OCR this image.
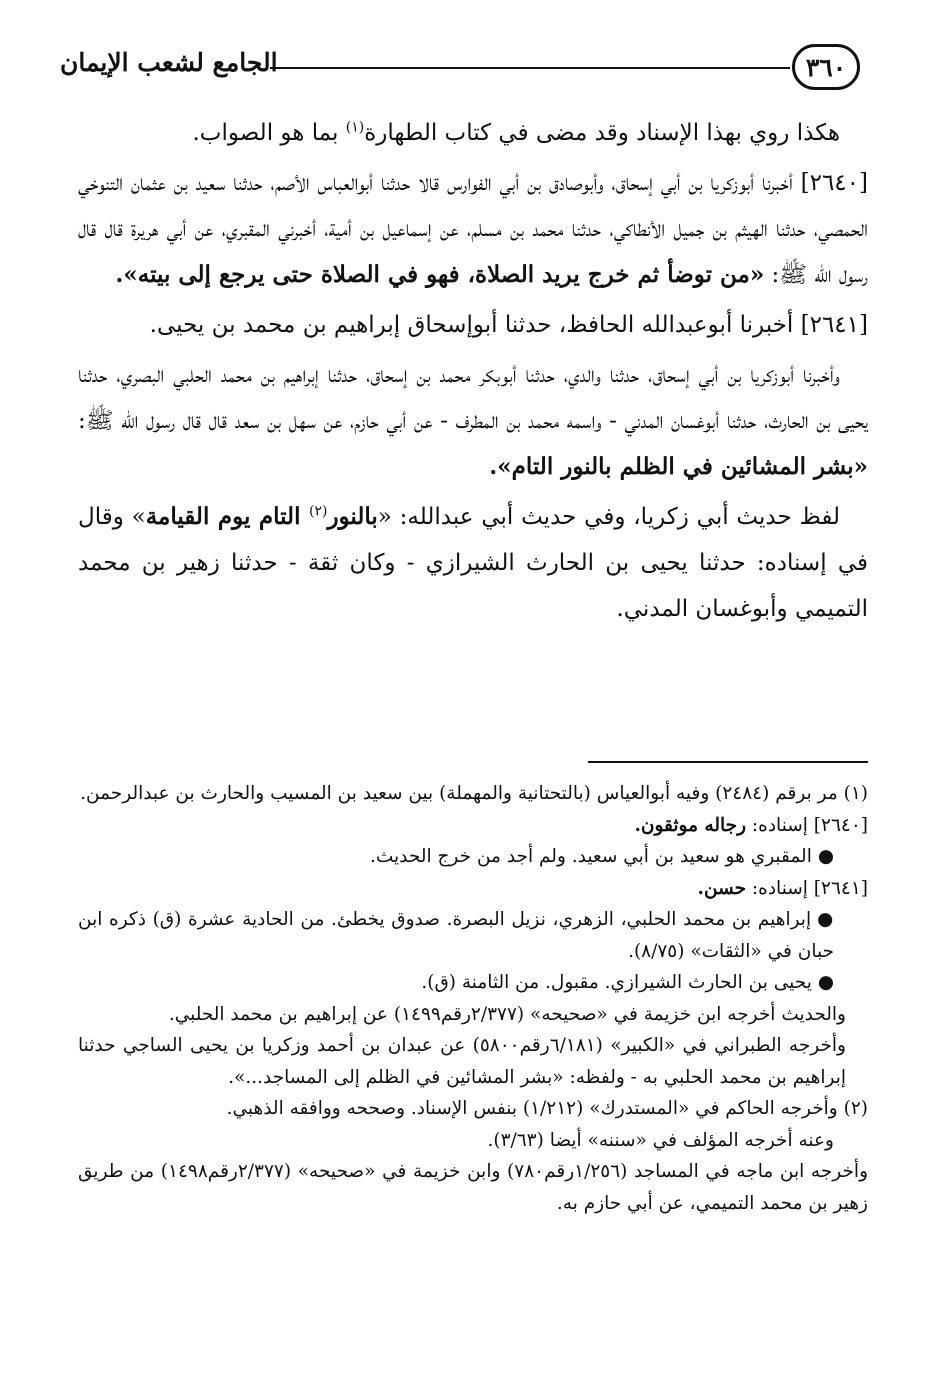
٣٦٠
الجامع لشعب الإيمان

هكذا روي بهذا الإسناد وقد مضى في كتاب الطهارة$^{(١)}$ بما هو الصواب.

[٢٦٤٠] أخبرنا أبوزكريا بن أبي إسحاق، وأبوصادق بن أبي الفوارس قالا حدثنا أبوالعباس الأصم، حدثنا سعيد بن عثمان التنوخي الحمصي، حدثنا الهيثم بن جميل الأنطاكي، حدثنا محمد بن مسلم، عن إسماعيل بن أمية، أخبرني المقبري، عن أبي هريرة قال قال رسول الله ﷺ: «من توضأ ثم خرج يريد الصلاة، فهو في الصلاة حتى يرجع إلى بيته».

[٢٦٤١] أخبرنا أبوعبدالله الحافظ، حدثنا أبوإسحاق إبراهيم بن محمد بن يحيى.

وأخبرنا أبوزكريا بن أبي إسحاق، حدثنا والدي، حدثنا أبوبكر محمد بن إسحاق، حدثنا إبراهيم بن محمد الحلبي البصري، حدثنا يحيى بن الحارث، حدثنا أبوغسان المدني - واسمه محمد بن المطرف - عن أبي حازم، عن سهل بن سعد قال قال رسول الله ﷺ: «بشر المشائين في الظلم بالنور التام».

لفظ حديث أبي زكريا، وفي حديث أبي عبدالله: «بالنور$^{(٢)}$ التام يوم القيامة» وقال في إسناده: حدثنا يحيى بن الحارث الشيرازي - وكان ثقة - حدثنا زهير بن محمد التميمي وأبوغسان المدني.

(١) مر برقم (٢٤٨٤) وفيه أبوالعياس (بالتحتانية والمهملة) بين سعيد بن المسيب والحارث بن عبدالرحمن.

[٢٦٤٠] إسناده: رجاله موثقون.

●المقبري هو سعيد بن أبي سعيد. ولم أجد من خرج الحديث.

[٢٦٤١] إسناده: حسن.

●إبراهيم بن محمد الحلبي، الزهري، نزيل البصرة. صدوق يخطئ. من الحادية عشرة (ق) ذكره ابن حبان في «الثقات» (٨/٧٥).

●يحيى بن الحارث الشيرازي. مقبول. من الثامنة (ق).

والحديث أخرجه ابن خزيمة في «صحيحه» (٢/٣٧٧رقم١٤٩٩) عن إبراهيم بن محمد الحلبي.

وأخرجه الطبراني في «الكبير» (٦/١٨١رقم٥٨٠٠) عن عبدان بن أحمد وزكريا بن يحيى الساجي حدثنا إبراهيم بن محمد الحلبي به - ولفظه: «بشر المشائين في الظلم إلى المساجد...».

(٢) وأخرجه الحاكم في «المستدرك» (١/٢١٢) بنفس الإسناد. وصححه ووافقه الذهبي.

وعنه أخرجه المؤلف في «سننه» أيضا (٣/٦٣).

وأخرجه ابن ماجه في المساجد (١/٢٥٦رقم٧٨٠) وابن خزيمة في «صحيحه» (٢/٣٧٧رقم١٤٩٨) من طريق زهير بن محمد التميمي، عن أبي حازم به.
